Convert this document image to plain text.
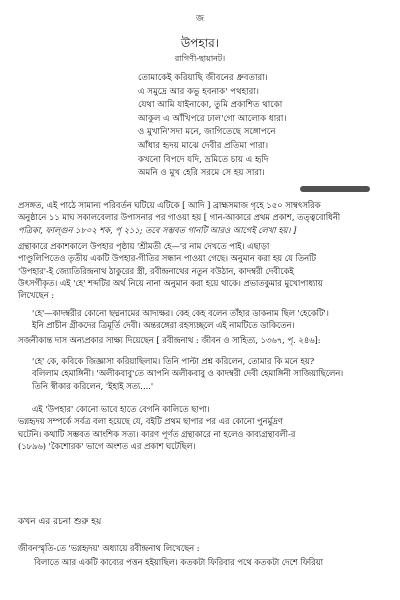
জ
উপহার।
রাগিণী-ছায়ানট।
তোমাকেই করিয়াছি জীবনের ধ্রুবতারা।
এ সমুদ্রে আর কভু হবনাক' পথহারা।
যেথা আমি যাইনাকো, তুমি প্রকাশিত থাকো
আকুল এ আঁখিপরে ঢাল'গো আলোক ধারা।
ও মুখানি'সদা মনে, জাগিতেছে সঙ্গোপনে
আঁধার হৃদয় মাঝে দেবীর প্রতিমা পারা।
কখনো বিপদে যদি, ভ্রমিতে চায় এ হৃদি
অমনি ও মুখ হেরি সরমে সে হয় সারা।
প্রসঙ্গত, এই পাঠে সামান্য পরিবর্তন ঘটিয়ে এটিকে [ আদি ] ব্রাহ্মসমাজ গৃহে ১৫০ সাম্বৎসরিক
অনুষ্ঠানে ১১ মাঘ সকালবেলার উপাসনার পর গাওয়া হয় [ গান-আকারে প্রথম প্রকাশ, তত্ত্ববোধিনী
পত্রিকা, ফাল্গুন ১৮০২ শক, পৃ ২১১; তবে সম্ভবত গানটি আরও আগেই লেখা হয়। ]
গ্রন্থাকারে প্রকাশকালে উপহার পৃষ্ঠায় 'শ্রীমতী হে—'র নাম দেখতে পাই। এছাড়া
পাণ্ডুলিপিতেও তৃতীয় একটি উপহার-গীতির সন্ধান পাওয়া গেছে। অনুমান করা হয় যে তিনটি
'উপহার'-ই জ্যোতিরিন্দ্রনাথ ঠাকুরের স্ত্রী, রবীন্দ্রনাথের নতুন বউঠান, কাদম্বরী দেবীকেই
উৎসর্গীকৃত। এই 'হে' শব্দটির অর্থ নিয়ে নানা অনুমান করা হয়ে থাকে। প্রভাতকুমার মুখোপাধ্যায়
লিখেছেন :
'হে'—কাদম্বরীর কোনো ছদ্মনামের আদ্যক্ষর। কেহ কেহ বলেন তাঁহার ডাকনাম ছিল 'হেকেটি'।
ইনি প্রাচীন গ্রীকদের ত্রিমূর্তি দেবী। অন্তরঙ্গেরা রহস্যচ্ছলে এই নামটিতে ডাকিতেন।
সজনীকান্ত দাস অন্যপ্রকার সাক্ষ্য দিয়েছেন [ রবীন্দ্রনাথ : জীবন ও সাহিত্য, ১৩৬৭, পৃ. ২৪৬]:
'হে' কে, কবিকে জিজ্ঞাসা করিয়াছিলাম। তিনি পাল্টা প্রশ্ন করিলেন, তোমার কি মনে হয়?
বলিলাম হেমাঙ্গিনী। 'অলীকবাবু'তে আপনি অলীকবাবু ও কাদম্বরী দেবী হেমাঙ্গিনী সাজিয়াছিলেন।
তিনি স্বীকার করিলেন, 'ইহাই সত্য....'
এই 'উপহার' কোনো ভাবে হাতে বেগনি কালিতে ছাপা।
ভগ্নহৃদয় সম্পর্কে সর্বত্র বলা হয়েছে যে, বইটি প্রথম ছাপার পর এর কোনো পুনর্মুদ্রণ
ঘটেনি। কথাটি সম্ভবত আংশিক সত্য। কারণ পূর্ণত গ্রন্থাকারে না হলেও কাব্যগ্রন্থাবলী-র
(১৮৯৬) 'কৈশোরক' ভাগে অংশত এর প্রকাশ ঘটেছিল।
কখন এর রচনা শুরু হয়
জীবনস্মৃতি-তে 'ভগ্নহৃদয়' অধ্যায়ে রবীন্দ্রনাথ লিখেছেন :
বিলাতে আর একটি কাব্যের পত্তন হইয়াছিল। কতকটা ফিরিবার পথে কতকটা দেশে ফিরিয়া
